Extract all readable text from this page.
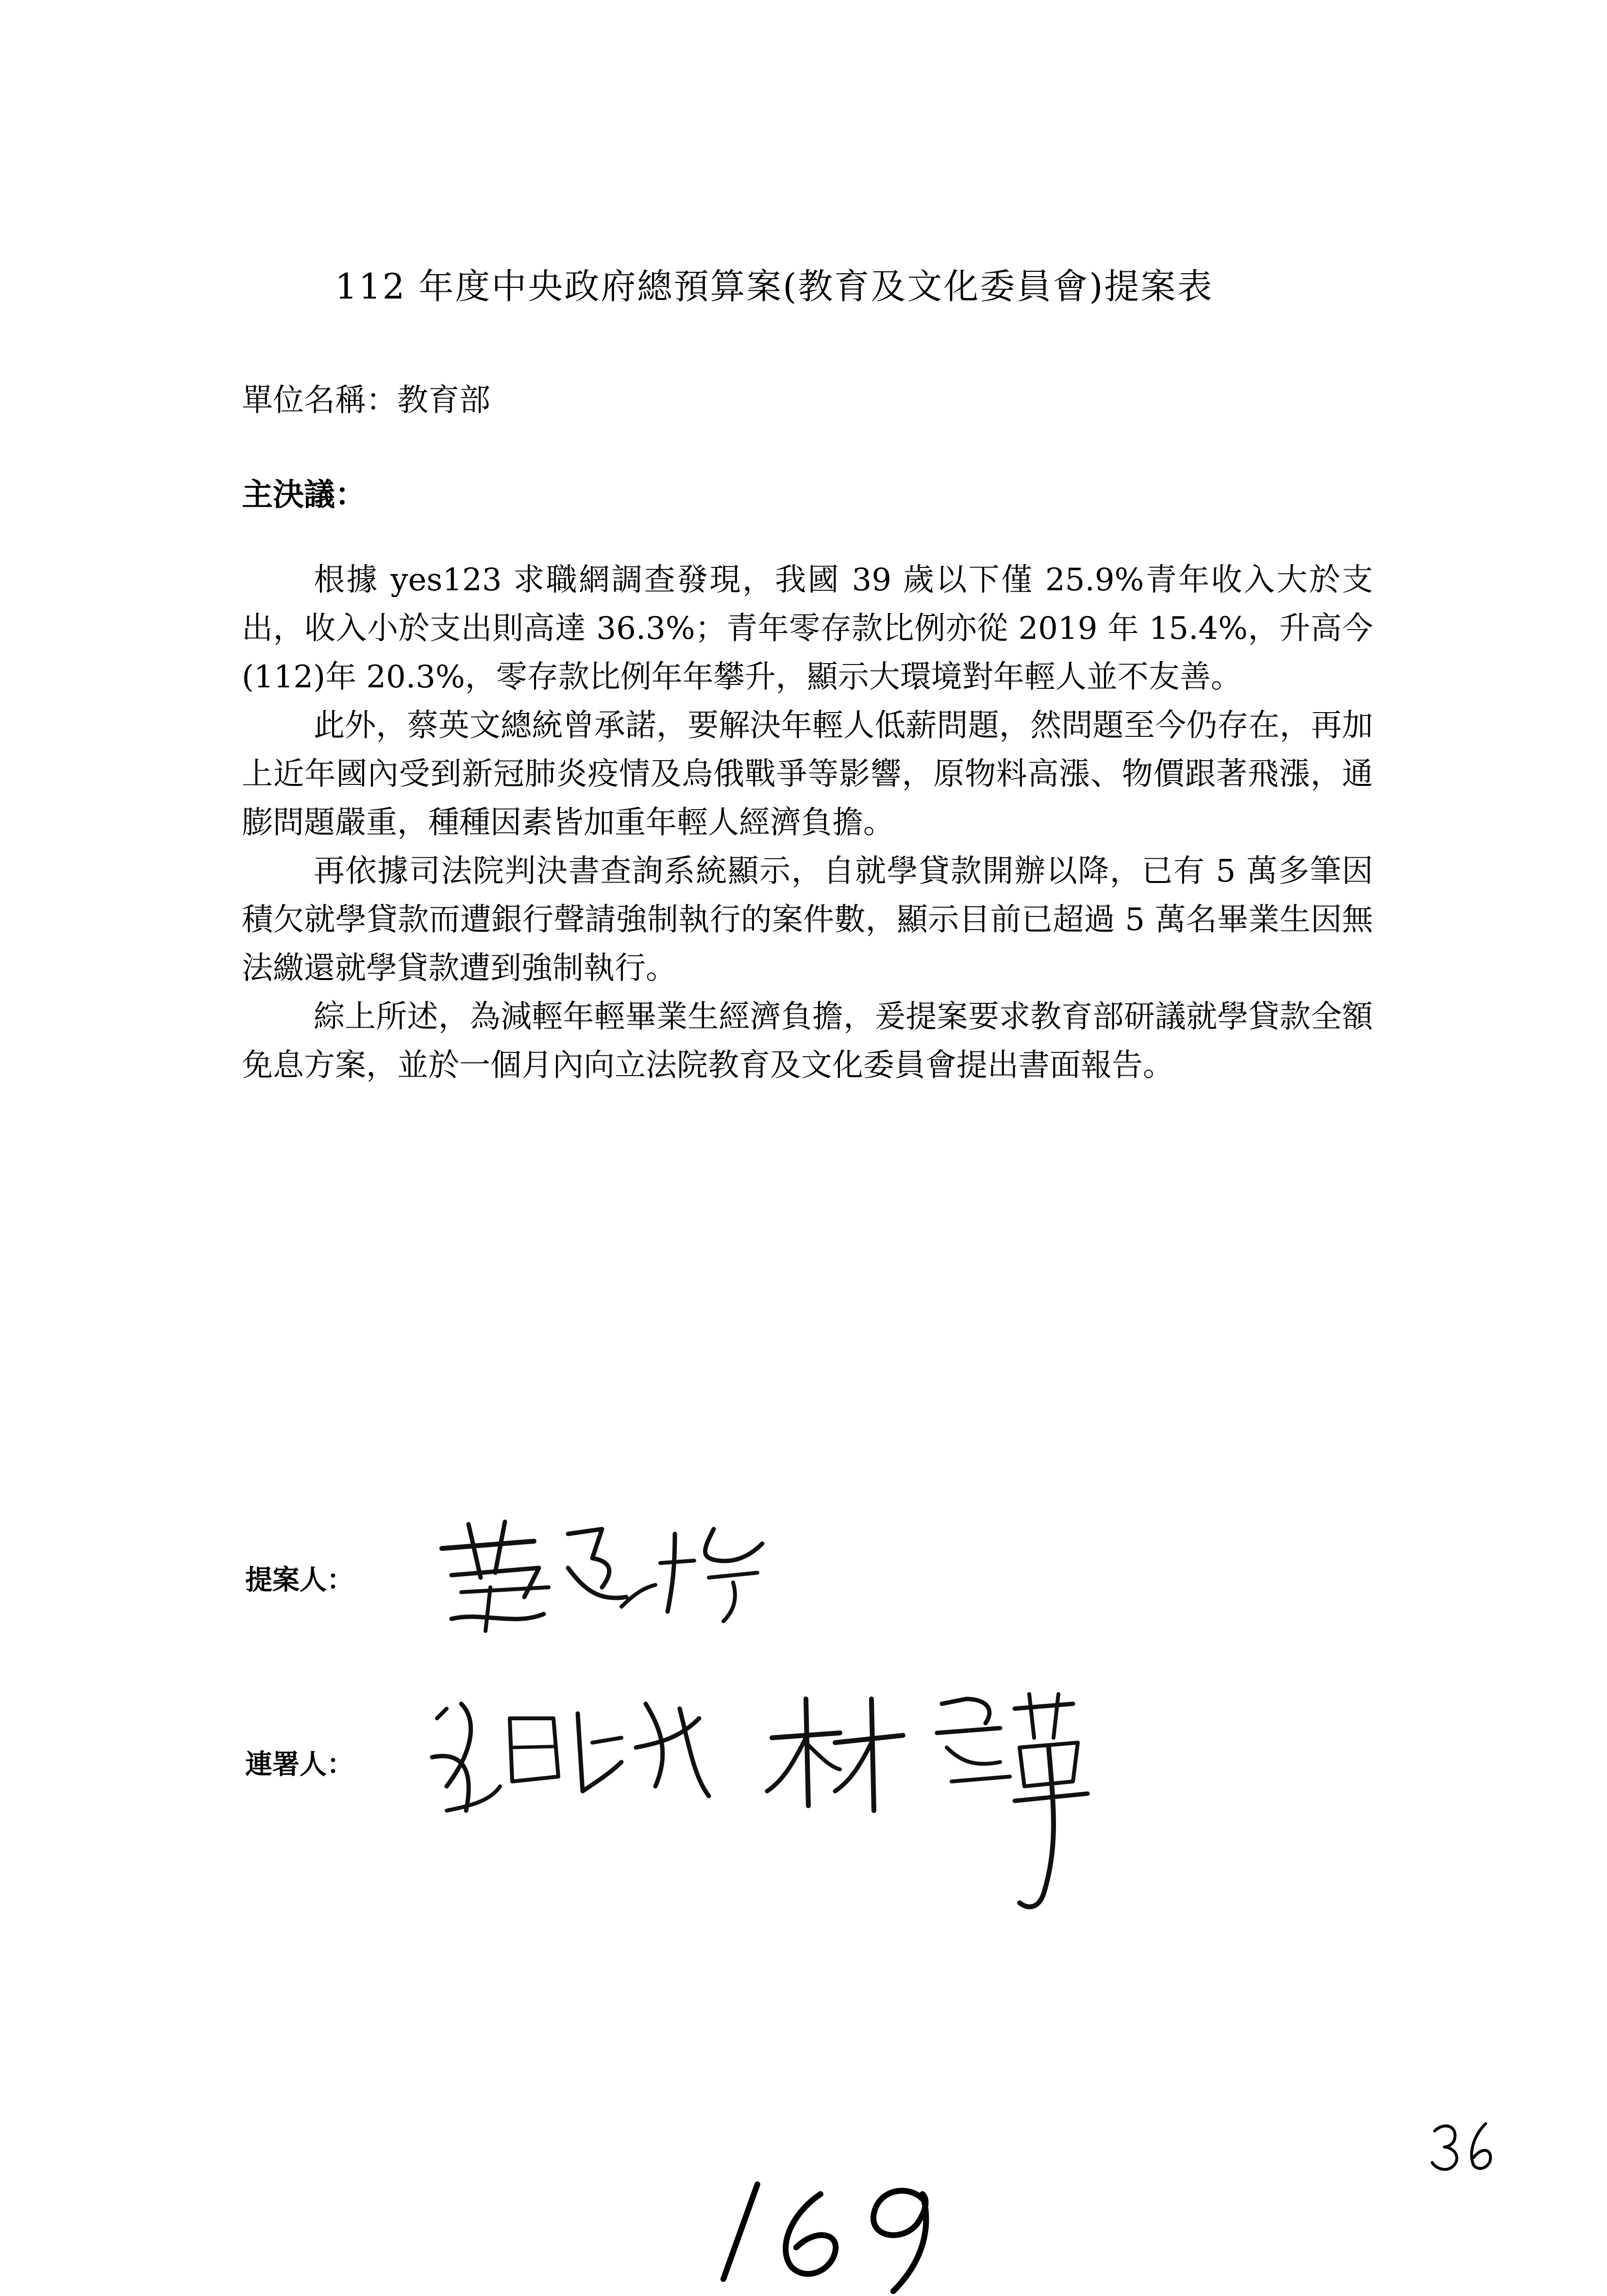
112 年度中央政府總預算案(教育及文化委員會)提案表
單位名稱：教育部
主決議：

根據 yes123 求職網調查發現，我國 39 歲以下僅 25.9%青年收入大於支出，收入小於支出則高達 36.3%；青年零存款比例亦從 2019 年 15.4%，升高今(112)年 20.3%，零存款比例年年攀升，顯示大環境對年輕人並不友善。

此外，蔡英文總統曾承諾，要解決年輕人低薪問題，然問題至今仍存在，再加上近年國內受到新冠肺炎疫情及烏俄戰爭等影響，原物料高漲、物價跟著飛漲，通膨問題嚴重，種種因素皆加重年輕人經濟負擔。

再依據司法院判決書查詢系統顯示，自就學貸款開辦以降，已有 5 萬多筆因積欠就學貸款而遭銀行聲請強制執行的案件數，顯示目前已超過 5 萬名畢業生因無法繳還就學貸款遭到強制執行。

綜上所述，為減輕年輕畢業生經濟負擔，爰提案要求教育部研議就學貸款全額免息方案，並於一個月內向立法院教育及文化委員會提出書面報告。

提案人：
連署人：
